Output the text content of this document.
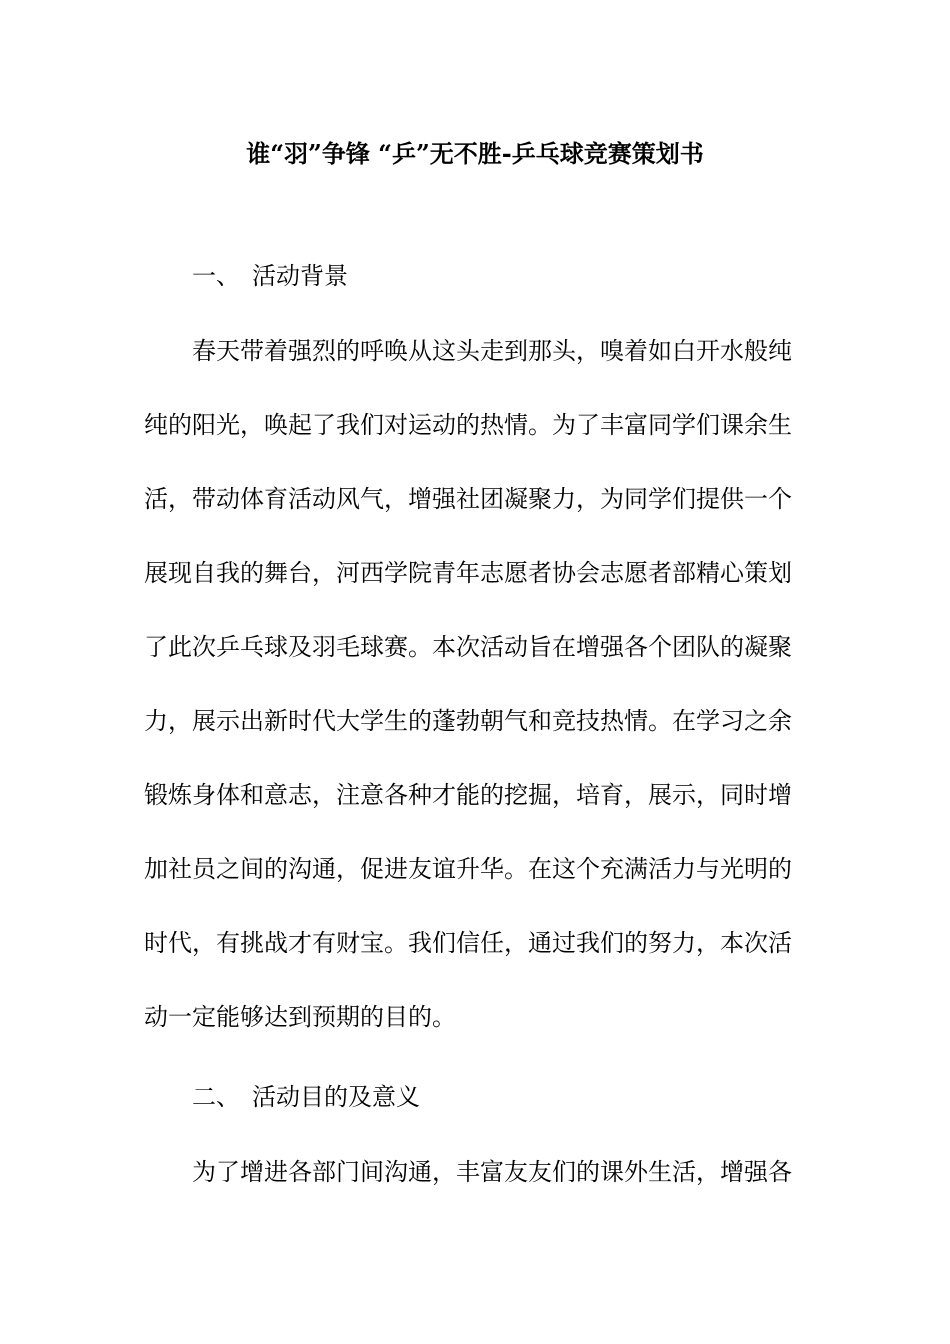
谁“羽”争锋 “乒”无不胜-乒乓球竞赛策划书
一、 活动背景

春天带着强烈的呼唤从这头走到那头，嗅着如白开水般纯

纯的阳光，唤起了我们对运动的热情。为了丰富同学们课余生

活，带动体育活动风气，增强社团凝聚力，为同学们提供一个

展现自我的舞台，河西学院青年志愿者协会志愿者部精心策划

了此次乒乓球及羽毛球赛。本次活动旨在增强各个团队的凝聚

力，展示出新时代大学生的蓬勃朝气和竞技热情。在学习之余

锻炼身体和意志，注意各种才能的挖掘，培育，展示，同时增

加社员之间的沟通，促进友谊升华。在这个充满活力与光明的

时代，有挑战才有财宝。我们信任，通过我们的努力，本次活

动一定能够达到预期的目的。

二、 活动目的及意义

为了增进各部门间沟通，丰富友友们的课外生活，增强各
